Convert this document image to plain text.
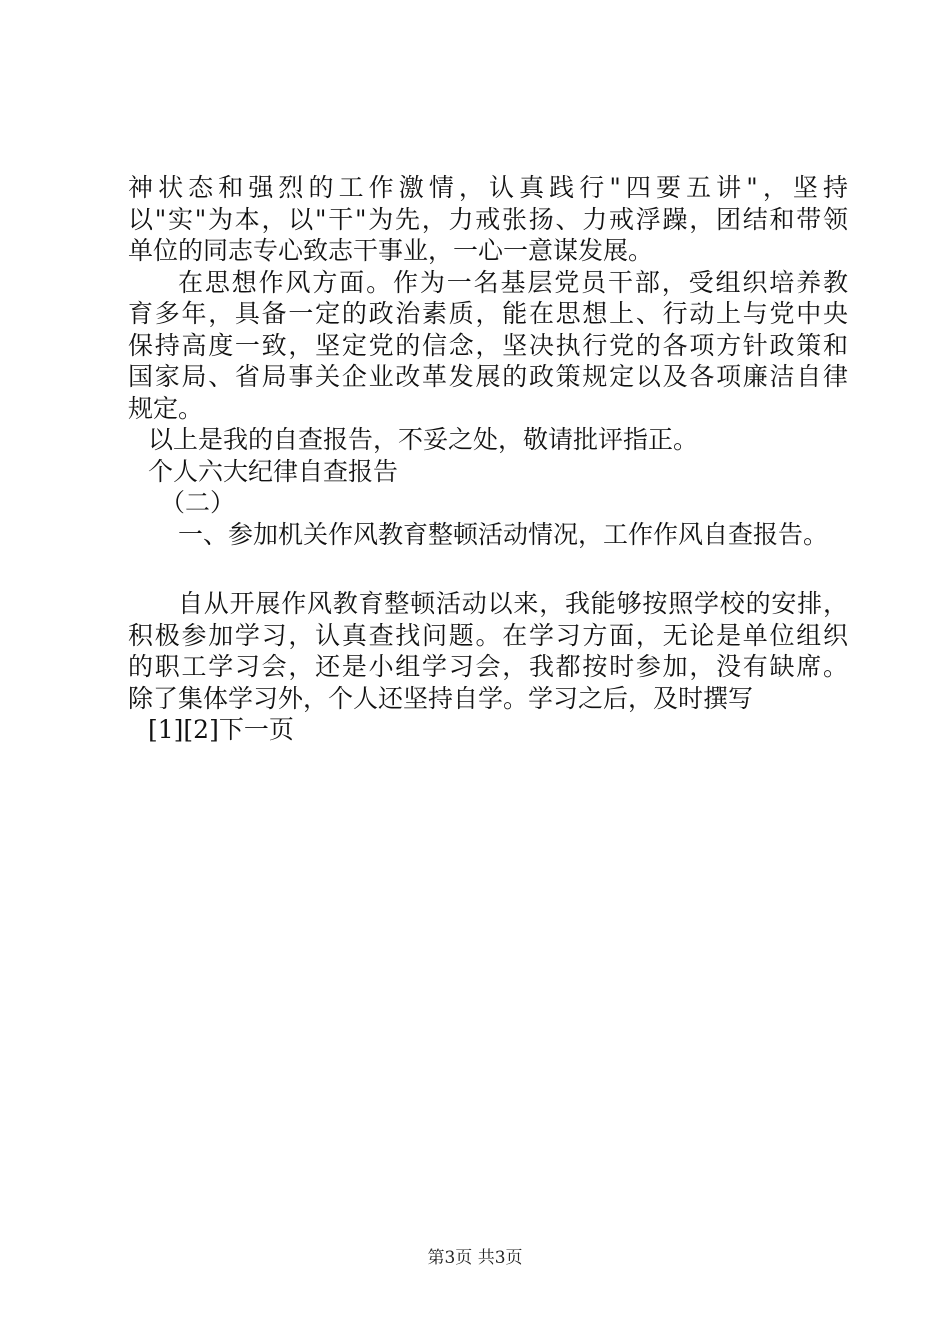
神状态和强烈的工作激情，认真践行"四要五讲"，坚持
以"实"为本，以"干"为先，力戒张扬、力戒浮躁，团结和带领
单位的同志专心致志干事业，一心一意谋发展。
在思想作风方面。作为一名基层党员干部，受组织培养教
育多年，具备一定的政治素质，能在思想上、行动上与党中央
保持高度一致，坚定党的信念，坚决执行党的各项方针政策和
国家局、省局事关企业改革发展的政策规定以及各项廉洁自律
规定。
以上是我的自查报告，不妥之处，敬请批评指正。
个人六大纪律自查报告
（二）
一、参加机关作风教育整顿活动情况，工作作风自查报告。
自从开展作风教育整顿活动以来，我能够按照学校的安排，
积极参加学习，认真查找问题。在学习方面，无论是单位组织
的职工学习会，还是小组学习会，我都按时参加，没有缺席。
除了集体学习外，个人还坚持自学。学习之后，及时撰写
[1][2]下一页
第3页 共3页
